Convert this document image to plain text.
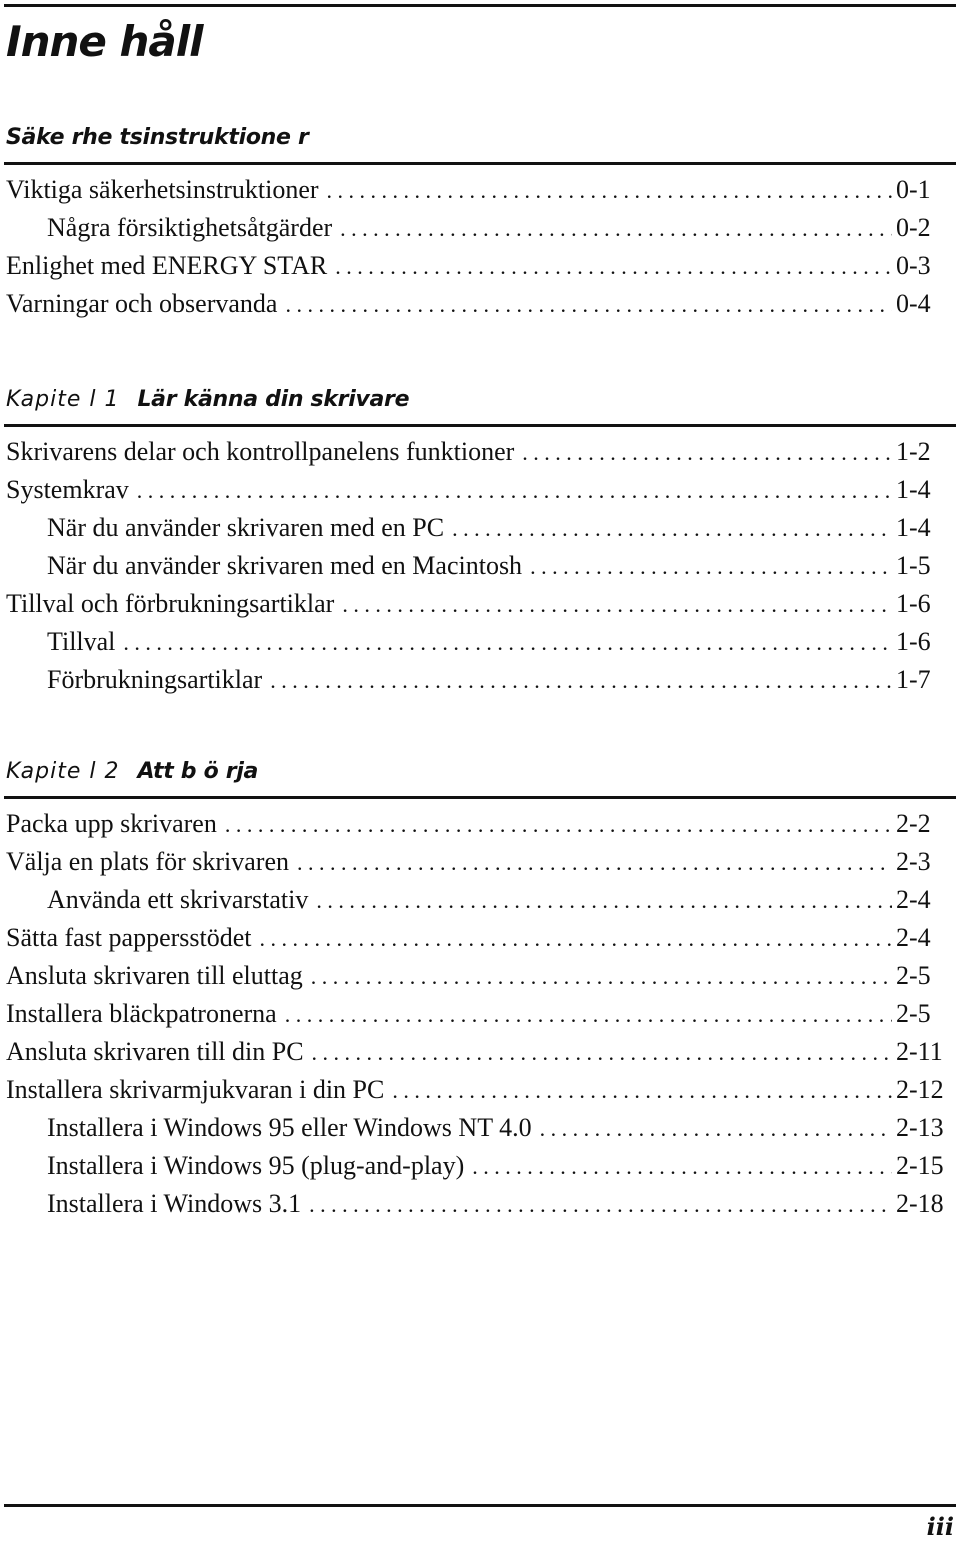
Inne håll
Säke rhe tsinstruktione r
Viktiga säkerhetsinstruktioner . . .	0-1
Några försiktighetsåtgärder . . .	0-2
Enlighet med ENERGY STAR . . .	0-3
Varningar och observanda . . .	0-4
Kapite l 1 Lär känna din skrivare
Skrivarens delar och kontrollpanelens funktioner . . .	1-2
Systemkrav . . .	1-4
När du använder skrivaren med en PC . . .	1-4
När du använder skrivaren med en Macintosh . . .	1-5
Tillval och förbrukningsartiklar . . .	1-6
Tillval . . .	1-6
Förbrukningsartiklar . . .	1-7
Kapite l 2 Att b ö rja
Packa upp skrivaren . . .	2-2
Välja en plats för skrivaren . . .	2-3
Använda ett skrivarstativ . . .	2-4
Sätta fast pappersstödet . . .	2-4
Ansluta skrivaren till eluttag . . .	2-5
Installera bläckpatronerna . . .	2-5
Ansluta skrivaren till din PC . . .	2-11
Installera skrivarmjukvaran i din PC . . .	2-12
Installera i Windows 95 eller Windows NT 4.0 . . .	2-13
Installera i Windows 95 (plug-and-play) . . .	2-15
Installera i Windows 3.1 . . .	2-18
iii
